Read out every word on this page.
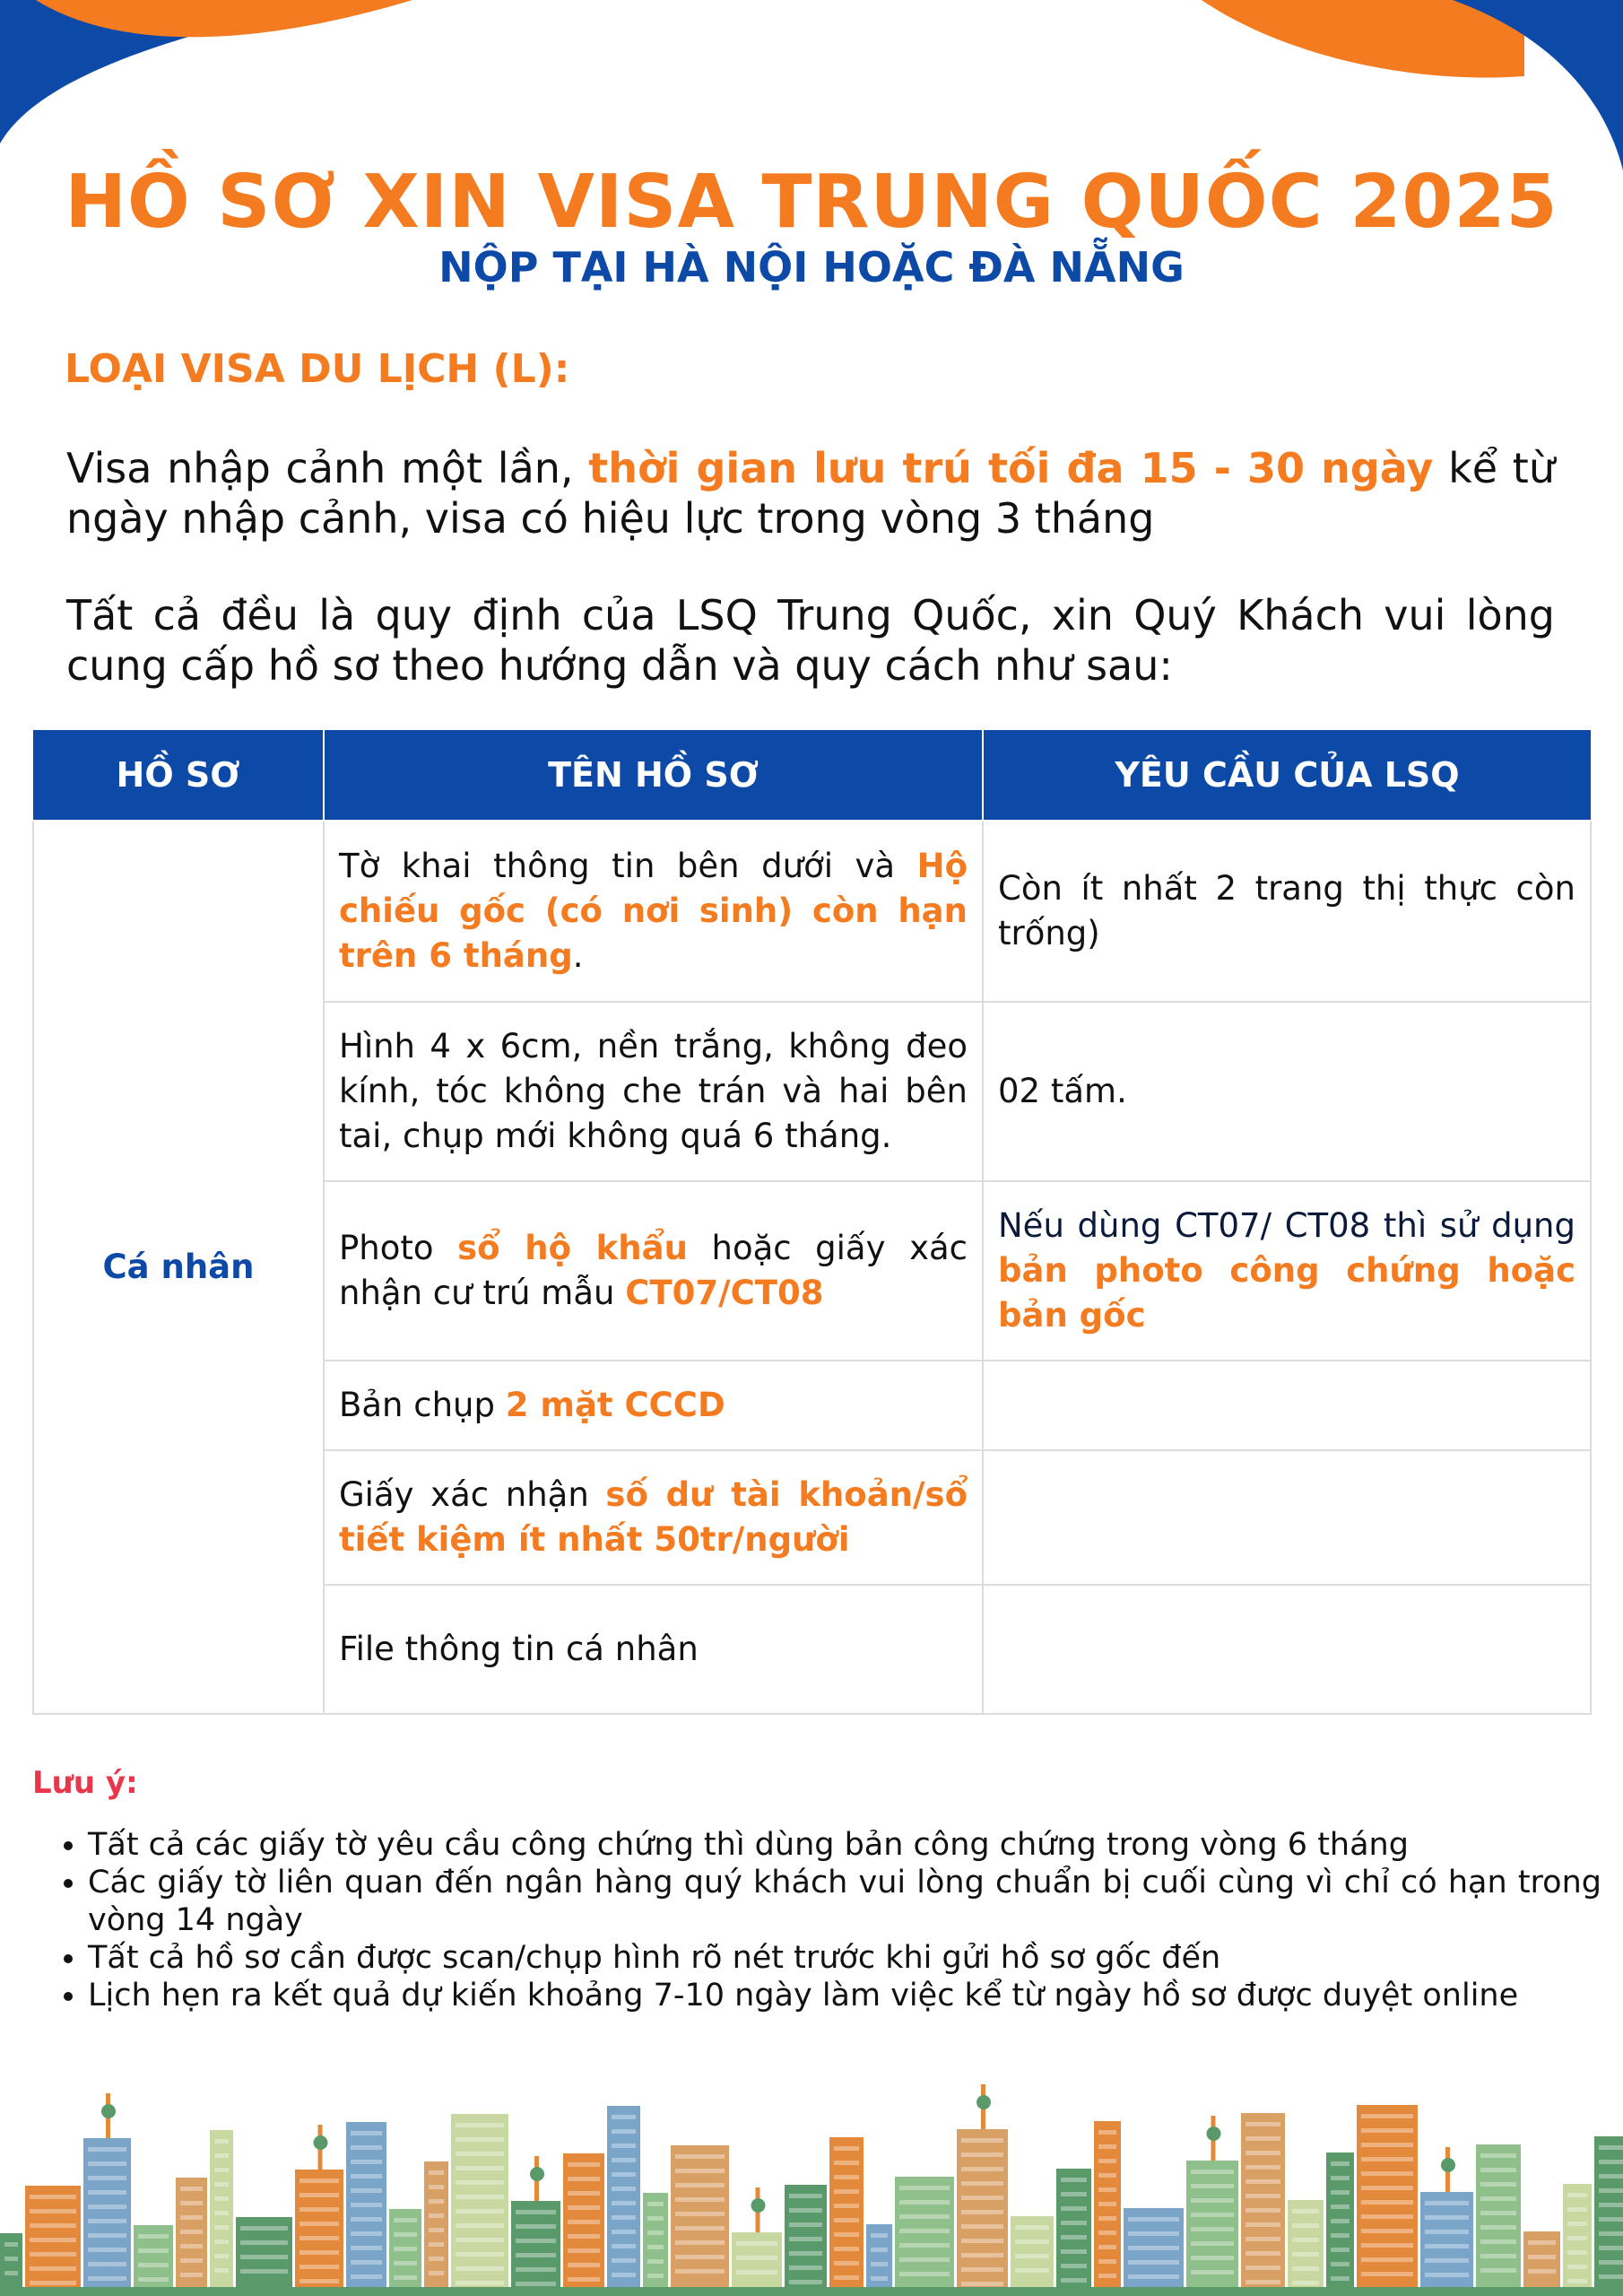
HỒ SƠ XIN VISA TRUNG QUỐC 2025
NỘP TẠI HÀ NỘI HOẶC ĐÀ NẴNG
LOẠI VISA DU LỊCH (L):
Visa nhập cảnh một lần, thời gian lưu trú tối đa 15 - 30 ngày kể từ ngày nhập cảnh, visa có hiệu lực trong vòng 3 tháng
Tất cả đều là quy định của LSQ Trung Quốc, xin Quý Khách vui lòng cung cấp hồ sơ theo hướng dẫn và quy cách như sau:
HỒ SƠ	TÊN HỒ SƠ	YÊU CẦU CỦA LSQ
Cá nhân	Tờ khai thông tin bên dưới và Hộ chiếu gốc (có nơi sinh) còn hạn trên 6 tháng.	Còn ít nhất 2 trang thị thực còn trống)
	Hình 4 x 6cm, nền trắng, không đeo kính, tóc không che trán và hai bên tai, chụp mới không quá 6 tháng.	02 tấm.
	Photo sổ hộ khẩu hoặc giấy xác nhận cư trú mẫu CT07/CT08	Nếu dùng CT07/ CT08 thì sử dụng bản photo công chứng hoặc bản gốc
	Bản chụp 2 mặt CCCD	
	Giấy xác nhận số dư tài khoản/sổ tiết kiệm ít nhất 50tr/người	
	File thông tin cá nhân	
Lưu ý:
• Tất cả các giấy tờ yêu cầu công chứng thì dùng bản công chứng trong vòng 6 tháng
• Các giấy tờ liên quan đến ngân hàng quý khách vui lòng chuẩn bị cuối cùng vì chỉ có hạn trong vòng 14 ngày
• Tất cả hồ sơ cần được scan/chụp hình rõ nét trước khi gửi hồ sơ gốc đến
• Lịch hẹn ra kết quả dự kiến khoảng 7-10 ngày làm việc kể từ ngày hồ sơ được duyệt online
